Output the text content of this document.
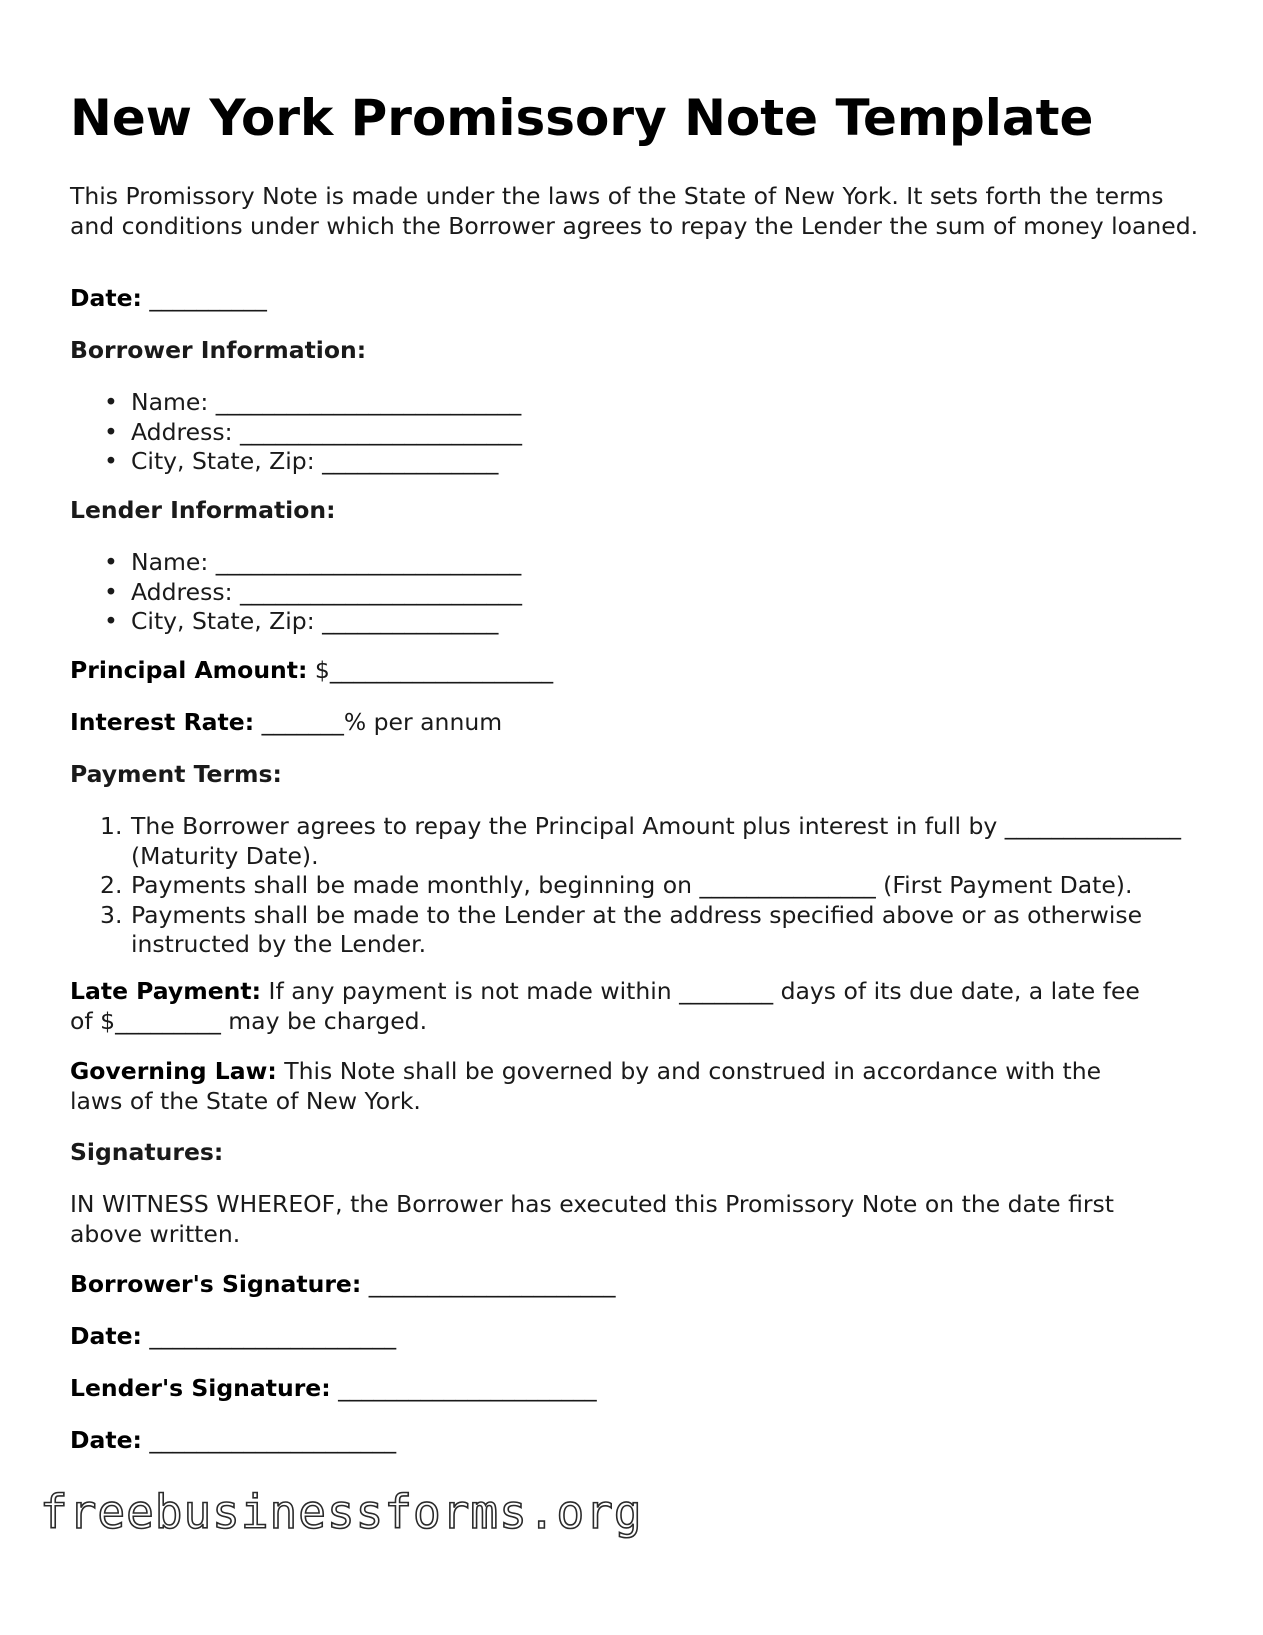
New York Promissory Note Template

This Promissory Note is made under the laws of the State of New York. It sets forth the terms and conditions under which the Borrower agrees to repay the Lender the sum of money loaned.

Date: __________
Borrower Information:
• Name: __________________________
• Address: ________________________
• City, State, Zip: _______________
Lender Information:
• Name: __________________________
• Address: ________________________
• City, State, Zip: _______________
Principal Amount: $___________________
Interest Rate: _______% per annum
Payment Terms:
1. The Borrower agrees to repay the Principal Amount plus interest in full by _______________ (Maturity Date).
2. Payments shall be made monthly, beginning on _______________ (First Payment Date).
3. Payments shall be made to the Lender at the address specified above or as otherwise instructed by the Lender.

Late Payment: If any payment is not made within ________ days of its due date, a late fee of $_________ may be charged.

Governing Law: This Note shall be governed by and construed in accordance with the laws of the State of New York.

Signatures:

IN WITNESS WHEREOF, the Borrower has executed this Promissory Note on the date first above written.

Borrower's Signature: _____________________
Date: _____________________
Lender's Signature: ______________________
Date: _____________________
freebusinessforms.org
